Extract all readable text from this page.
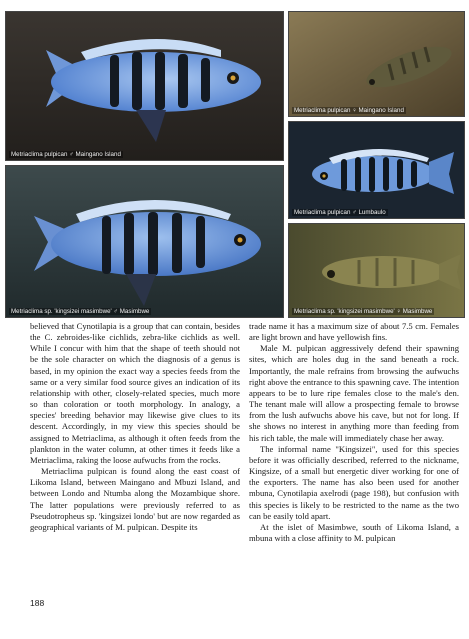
Metriaclima pulpican ♂ Maingano Island
Metriaclima pulpican ♀ Maingano Island
Metriaclima pulpican ♂ Lumbaulo
Metriaclima sp. 'kingsizei masimbwe' ♂ Masimbwe	Metriaclima sp. 'kingsizei masimbwe' ♀ Masimbwe

believed that Cynotilapia is a group that can contain, besides the C. zebroides-like cichlids, zebra-like cichlids as well. While I concur with him that the shape of teeth should not be the sole character on which the diagnosis of a genus is based, in my opinion the exact way a species feeds from the same or a very similar food source gives an indication of its relationship with other, closely-related species, much more so than coloration or tooth morphology. In analogy, a species' breeding behavior may likewise give clues to its descent. Accordingly, in my view this species should be assigned to Metriaclima, as although it often feeds from the plankton in the water column, at other times it feeds like a Metriaclima, raking the loose aufwuchs from the rocks.

Metriaclima pulpican is found along the east coast of Likoma Island, between Maingano and Mbuzi Island, and between Londo and Ntumba along the Mozambique shore. The latter populations were previously referred to as Pseudotropheus sp. 'kingsizei londo' but are now regarded as geographical variants of M. pulpican. Despite its

trade name it has a maximum size of about 7.5 cm. Females are light brown and have yellowish fins.

Male M. pulpican aggressively defend their spawning sites, which are holes dug in the sand beneath a rock. Importantly, the male refrains from browsing the aufwuchs right above the entrance to this spawning cave. The intention appears to be to lure ripe females close to the male's den. The tenant male will allow a prospecting female to browse from the lush aufwuchs above his cave, but not for long. If she shows no interest in anything more than feeding from his rich table, the male will immediately chase her away.

The informal name "Kingsizei", used for this species before it was officially described, referred to the nickname, Kingsize, of a small but energetic diver working for one of the exporters. The name has also been used for another mbuna, Cynotilapia axelrodi (page 198), but confusion with this species is likely to be restricted to the name as the two can be easily told apart.

At the islet of Masimbwe, south of Likoma Island, a mbuna with a close affinity to M. pulpican

188
